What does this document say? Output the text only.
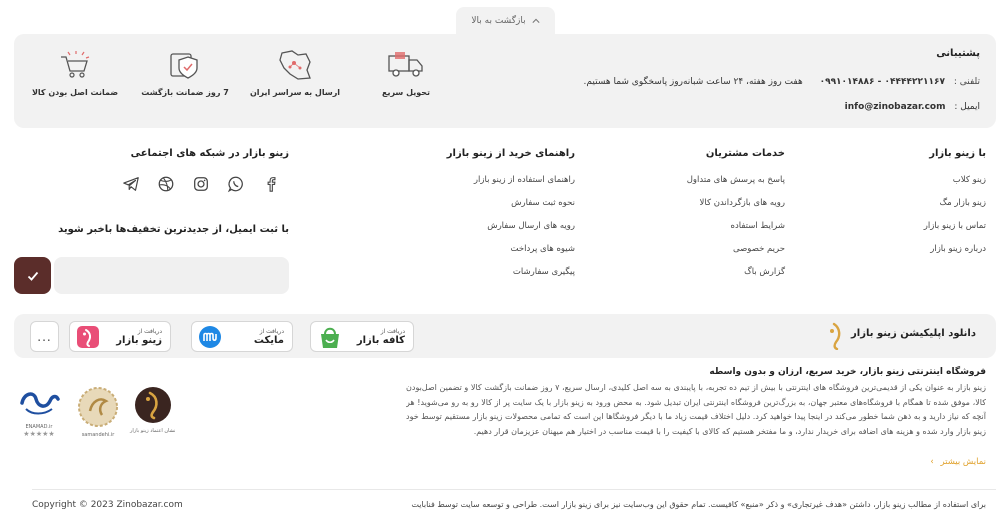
بازگشت به بالا
پشتیبانی
تلفنی : ۰۴۴۴۴۲۲۱۱۶۷ - ۰۹۹۱۰۱۴۸۸۶ هفت روز هفته، ۲۴ ساعت شبانه‌روز پاسخگوی شما هستیم.
ایمیل : info@zinobazar.com
تحویل سریع
ارسال به سراسر ایران
7 روز ضمانت بازگشت
ضمانت اصل بودن کالا
با زینو بازار
زینو کلاب
زینو بازار مگ
تماس با زینو بازار
درباره زینو بازار
خدمات مشتریان
پاسخ به پرسش های متداول
رویه های بازگرداندن کالا
شرایط استفاده
حریم خصوصی
گزارش باگ
راهنمای خرید از زینو بازار
راهنمای استفاده از زینو بازار
نحوه ثبت سفارش
رویه های ارسال سفارش
شیوه های پرداخت
پیگیری سفارشات
زینو بازار در شبکه های اجتماعی
با ثبت ایمیل، از جدیدترین تخفیف‌ها باخبر شوید
دانلود اپلیکیشن زینو بازار
دریافت از
کافه بازار
دریافت از
مایکت
دریافت از
زینو بازار
...
فروشگاه اینترنتی زینو بازار، خرید سریع، ارزان و بدون واسطه
زینو بازار به عنوان یکی از قدیمی‌ترین فروشگاه های اینترنتی با بیش از تیم ده تجربه، با پایبندی به سه اصل کلیدی، ارسال سریع، ۷ روز ضمانت بازگشت کالا و تضمین اصل‌بودن کالا، موفق شده تا همگام با فروشگاه‌های معتبر جهان، به بزرگ‌ترین فروشگاه اینترنتی ایران تبدیل شود. به محض ورود به زینو بازار با یک سایت پر از کالا رو به رو می‌شوید! هر آنچه که نیاز دارید و به ذهن شما خطور می‌کند در اینجا پیدا خواهید کرد. دلیل اختلاف قیمت زیاد ما با دیگر فروشگاها این است که تمامی محصولات زینو بازار مستقیم توسط خود زینو بازار وارد شده و هزینه های اضافه برای خریدار ندارد، و ما مفتخر هستیم که کالای با کیفیت را با قیمت مناسب در اختیار هم میهنان عزیزمان قرار دهیم.
نمایش بیشتر ›
نشان اعتماد زینو بازار
samandehi.ir
ENAMAD.ir
★★★★★
Copyright © 2023 Zinobazar.com	برای استفاده از مطالب زینو بازار، داشتن «هدف غیرتجاری» و ذکر «منبع» کافیست. تمام حقوق این وب‌سایت نیز برای زینو بازار است. طراحی و توسعه سایت توسط فنابایت
